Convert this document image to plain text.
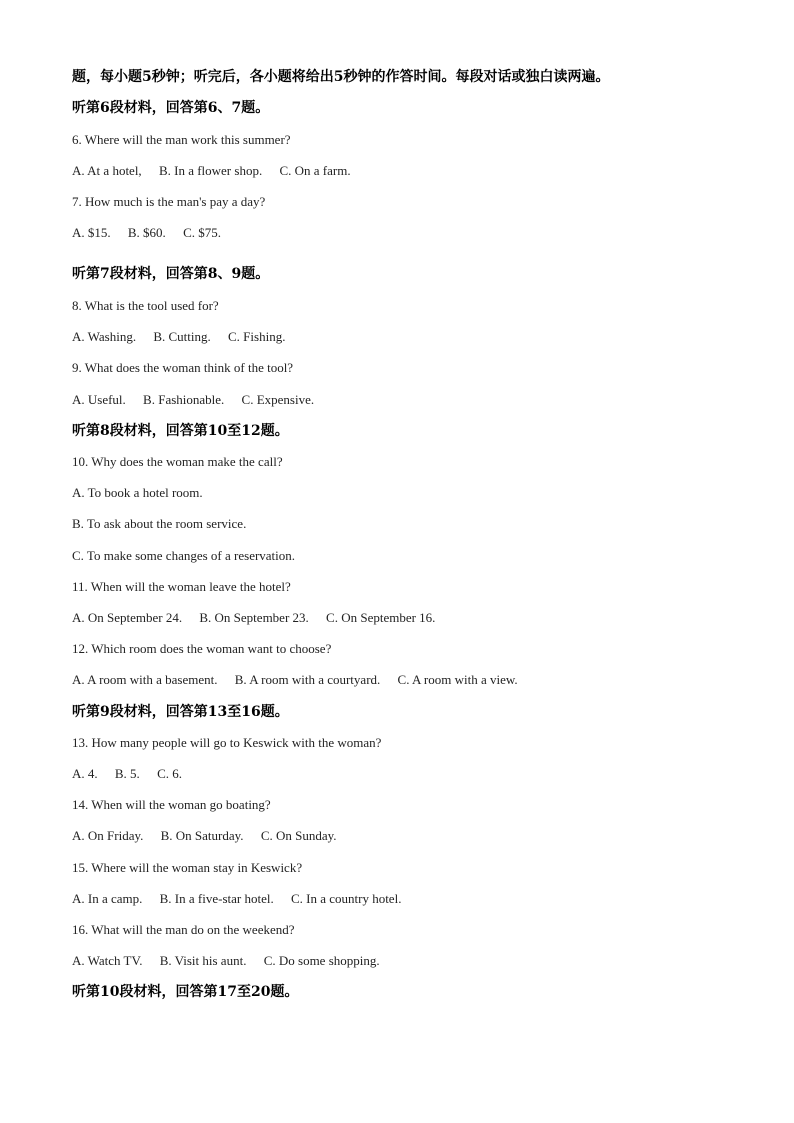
题，每小题5秒钟；听完后，各小题将给出5秒钟的作答时间。每段对话或独白读两遍。
听第6段材料，回答第6、7题。
6. Where will the man work this summer?
A. At a hotel, B. In a flower shop. C. On a farm.
7. How much is the man's pay a day?
A. $15. B. $60. C. $75.
听第7段材料，回答第8、9题。
8. What is the tool used for?
A. Washing. B. Cutting. C. Fishing.
9. What does the woman think of the tool?
A. Useful. B. Fashionable. C. Expensive.
听第8段材料，回答第10至12题。
10. Why does the woman make the call?
A. To book a hotel room.
B. To ask about the room service.
C. To make some changes of a reservation.
11. When will the woman leave the hotel?
A. On September 24. B. On September 23. C. On September 16.
12. Which room does the woman want to choose?
A. A room with a basement. B. A room with a courtyard. C. A room with a view.
听第9段材料，回答第13至16题。
13. How many people will go to Keswick with the woman?
A. 4. B. 5. C. 6.
14. When will the woman go boating?
A. On Friday. B. On Saturday. C. On Sunday.
15. Where will the woman stay in Keswick?
A. In a camp. B. In a five-star hotel. C. In a country hotel.
16. What will the man do on the weekend?
A. Watch TV. B. Visit his aunt. C. Do some shopping.
听第10段材料，回答第17至20题。
